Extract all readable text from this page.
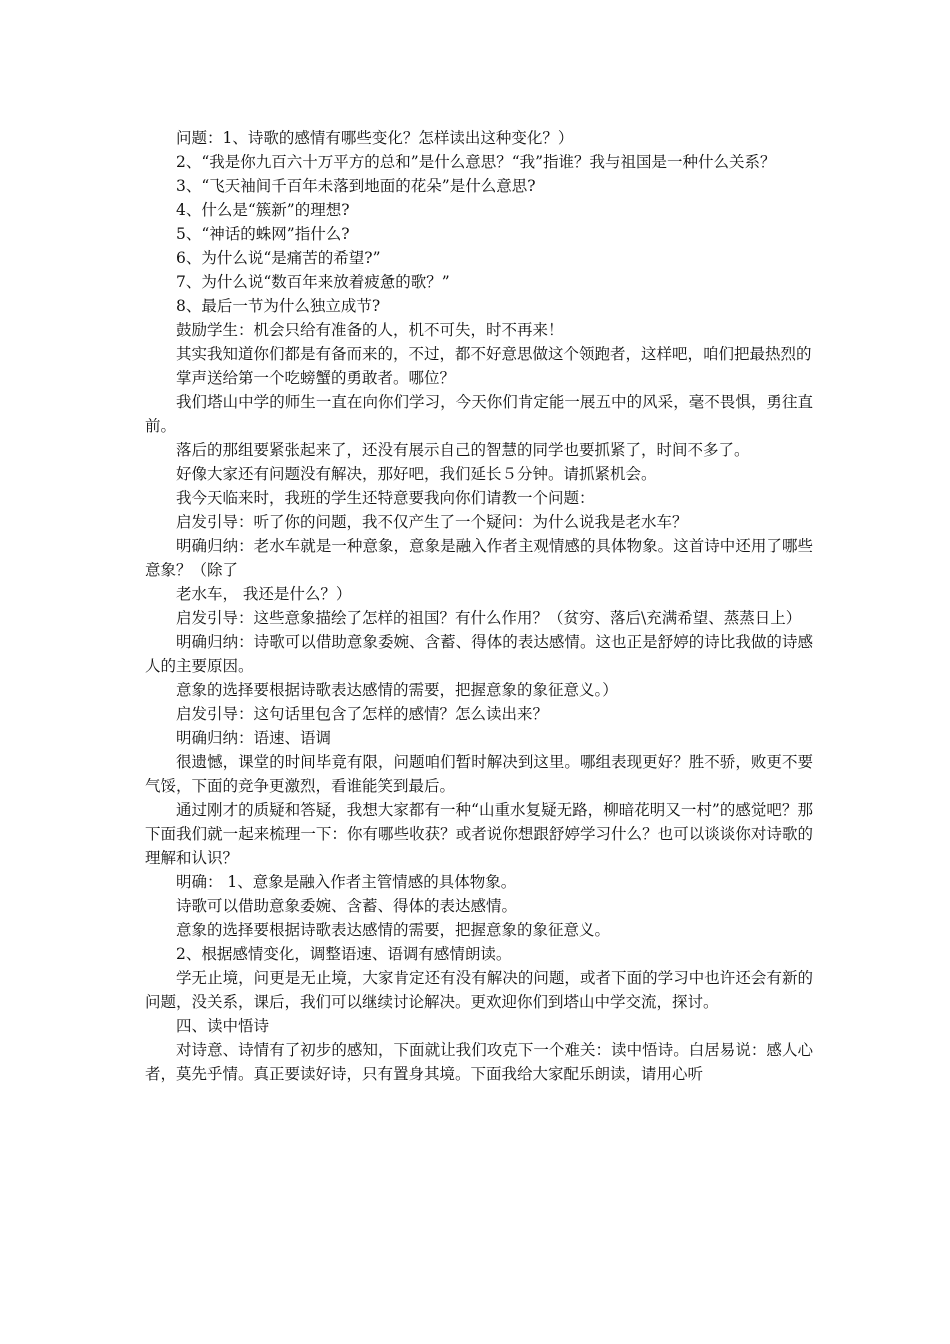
问题：1、诗歌的感情有哪些变化？怎样读出这种变化？）

2、“我是你九百六十万平方的总和”是什么意思？“我”指谁？我与祖国是一种什么关系？

3、“飞天袖间千百年未落到地面的花朵”是什么意思?

4、什么是“簇新”的理想?

5、“神话的蛛网”指什么?

6、为什么说“是痛苦的希望?”

7、为什么说“数百年来放着疲惫的歌？”

8、最后一节为什么独立成节?

鼓励学生：机会只给有准备的人，机不可失，时不再来！

其实我知道你们都是有备而来的，不过，都不好意思做这个领跑者，这样吧，咱们把最热烈的

掌声送给第一个吃螃蟹的勇敢者。哪位？

我们塔山中学的师生一直在向你们学习，今天你们肯定能一展五中的风采，毫不畏惧，勇往直前。

落后的那组要紧张起来了，还没有展示自己的智慧的同学也要抓紧了，时间不多了。

好像大家还有问题没有解决，那好吧，我们延长５分钟。请抓紧机会。

我今天临来时，我班的学生还特意要我向你们请教一个问题：

启发引导：听了你的问题，我不仅产生了一个疑问：为什么说我是老水车？

明确归纳：老水车就是一种意象，意象是融入作者主观情感的具体物象。这首诗中还用了哪些意象？（除了

老水车， 我还是什么？）

启发引导：这些意象描绘了怎样的祖国？有什么作用？（贫穷、落后\充满希望、蒸蒸日上）

明确归纳：诗歌可以借助意象委婉、含蓄、得体的表达感情。这也正是舒婷的诗比我做的诗感人的主要原因。

意象的选择要根据诗歌表达感情的需要，把握意象的象征意义。）

启发引导：这句话里包含了怎样的感情？怎么读出来？

明确归纳：语速、语调

很遗憾，课堂的时间毕竟有限，问题咱们暂时解决到这里。哪组表现更好？胜不骄，败更不要气馁，下面的竞争更激烈，看谁能笑到最后。

通过刚才的质疑和答疑，我想大家都有一种“山重水复疑无路，柳暗花明又一村”的感觉吧？那下面我们就一起来梳理一下：你有哪些收获？或者说你想跟舒婷学习什么？也可以谈谈你对诗歌的理解和认识？

明确： 1、意象是融入作者主管情感的具体物象。

诗歌可以借助意象委婉、含蓄、得体的表达感情。

意象的选择要根据诗歌表达感情的需要，把握意象的象征意义。

2、根据感情变化，调整语速、语调有感情朗读。

学无止境，问更是无止境，大家肯定还有没有解决的问题，或者下面的学习中也许还会有新的问题，没关系，课后，我们可以继续讨论解决。更欢迎你们到塔山中学交流，探讨。

四、读中悟诗

对诗意、诗情有了初步的感知，下面就让我们攻克下一个难关：读中悟诗。白居易说：感人心者，莫先乎情。真正要读好诗，只有置身其境。下面我给大家配乐朗读，请用心听
